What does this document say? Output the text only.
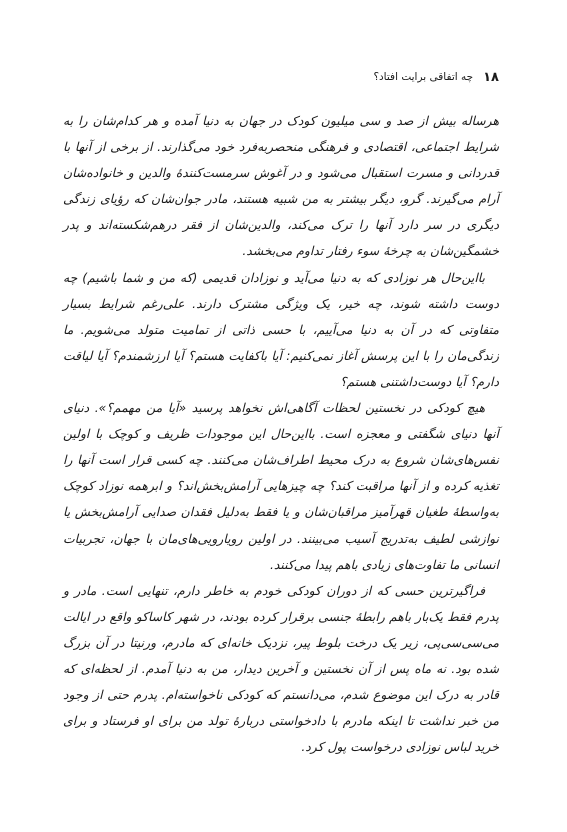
۱۸
چه اتفاقی برایت افتاد؟

هرساله بیش از صد و سی میلیون کودک در جهان به دنیا آمده و هر کدام‌شان را به شرایط اجتماعی، اقتصادی و فرهنگی منحصربه‌فرد خود می‌گذارند. از برخی از آنها با قدردانی و مسرت استقبال می‌شود و در آغوش سرمست‌کنندهٔ والدین و خانواده‌شان آرام می‌گیرند. گرو، دیگر بیشتر به من شبیه هستند، مادر جوان‌شان که رؤیای زندگی دیگری در سر دارد آنها را ترک می‌کند، والدین‌شان از فقر درهم‌شکسته‌اند و پدر خشمگین‌شان به چرخهٔ سوء رفتار تداوم می‌بخشد.

بااین‌حال هر نوزادی که به دنیا می‌آید و نوزادان قدیمی (که من و شما باشیم) چه دوست داشته شوند، چه خیر، یک ویژگی مشترک دارند. علی‌رغم شرایط بسیار متفاوتی که در آن به دنیا می‌آییم، با حسی ذاتی از تمامیت متولد می‌شویم. ما زندگی‌مان را با این پرسش آغاز نمی‌کنیم: آیا باکفایت هستم؟ آیا ارزشمندم؟ آیا لیاقت دارم؟ آیا دوست‌داشتنی هستم؟

هیچ کودکی در نخستین لحظات آگاهی‌اش نخواهد پرسید «آیا من مهمم؟». دنیای آنها دنیای شگفتی و معجزه است. بااین‌حال این موجودات ظریف و کوچک با اولین نفس‌های‌شان شروع به درک محیط اطراف‌شان می‌کنند. چه کسی قرار است آنها را تغذیه کرده و از آنها مراقبت کند؟ چه چیزهایی آرامش‌بخش‌اند؟ و ابرهمه نوزاد کوچک به‌واسطهٔ طغیان قهرآمیز مراقبان‌شان و یا فقط به‌دلیل فقدان صدایی آرامش‌بخش یا نوازشی لطیف به‌تدریج آسیب می‌بینند. در اولین رویارویی‌های‌مان با جهان، تجربیات انسانی ما تفاوت‌های زیادی باهم پیدا می‌کنند.

فراگیرترین حسی که از دوران کودکی خودم به خاطر دارم، تنهایی است. مادر و پدرم فقط یک‌بار باهم رابطهٔ جنسی برقرار کرده بودند، در شهر کاساکو واقع در ایالت می‌سی‌سی‌پی، زیر یک درخت بلوط پیر، نزدیک خانه‌ای که مادرم، ورنیتا در آن بزرگ شده بود. نه ماه پس از آن نخستین و آخرین دیدار، من به دنیا آمدم. از لحظه‌ای که قادر به درک این موضوع شدم، می‌دانستم که کودکی ناخواسته‌ام. پدرم حتی از وجود من خبر نداشت تا اینکه مادرم با دادخواستی دربارهٔ تولد من برای او فرستاد و برای خرید لباس نوزادی درخواست پول کرد.
